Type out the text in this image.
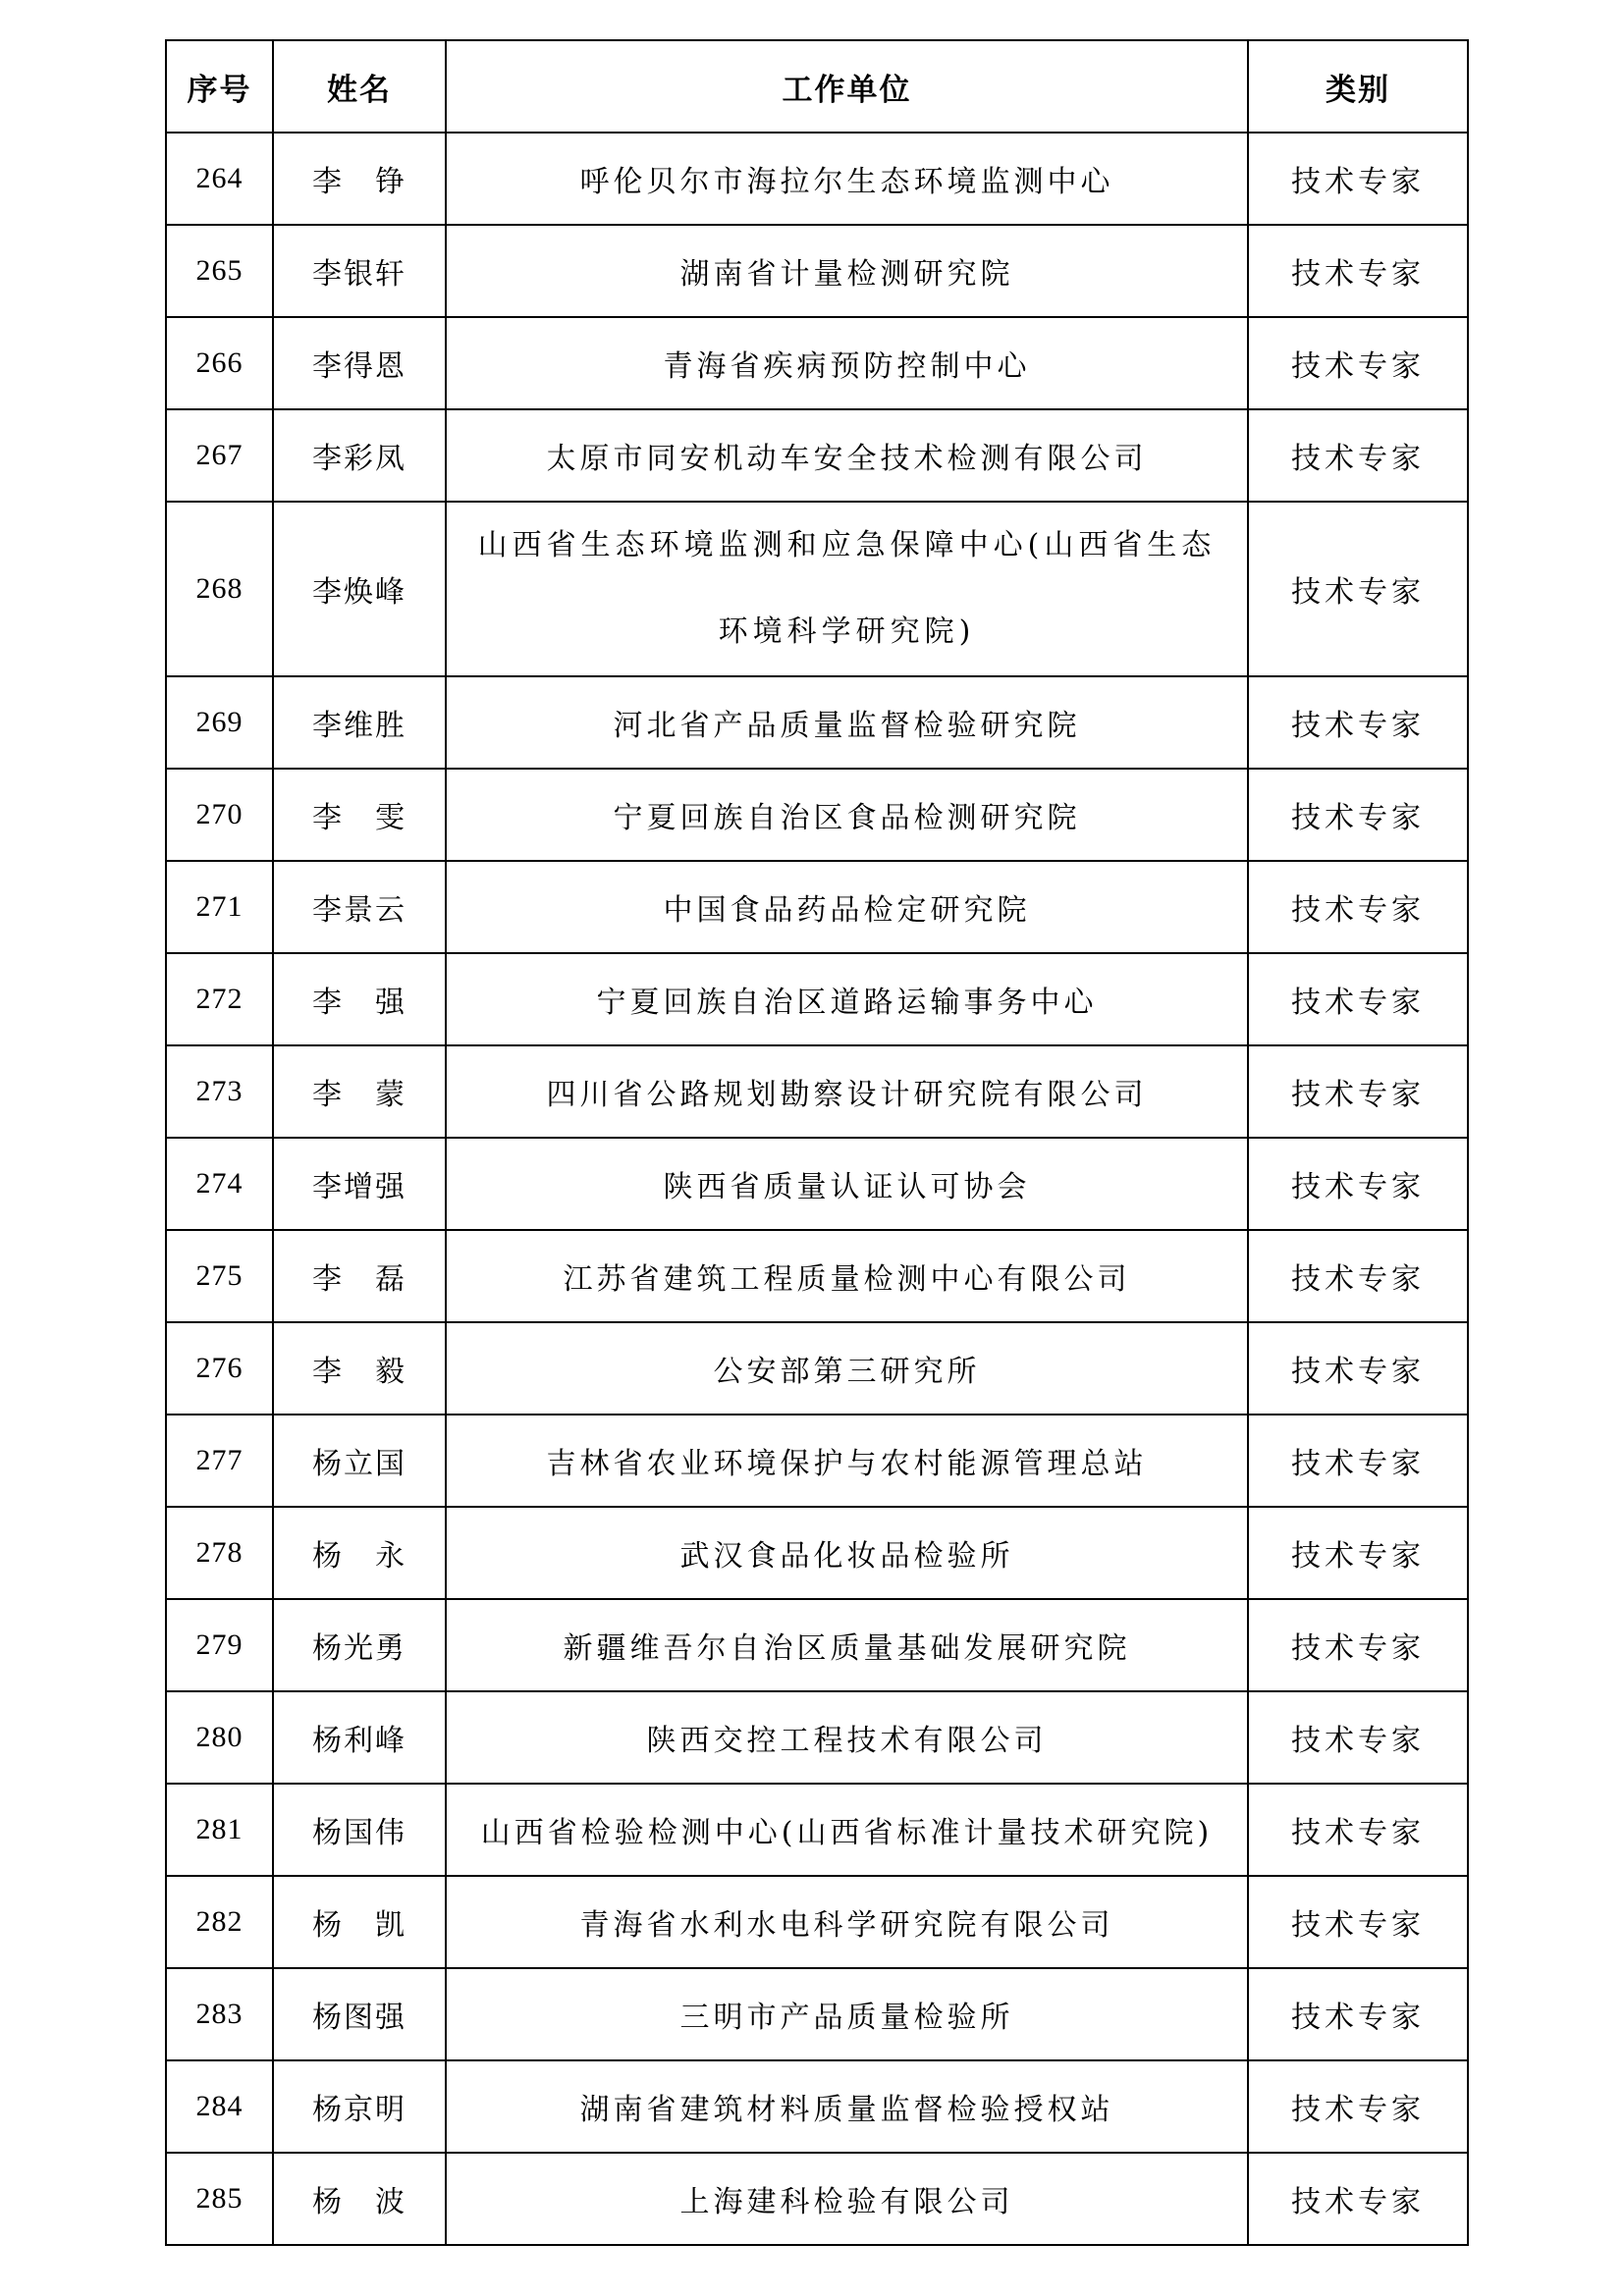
序号	姓名	工作单位	类别
264	李　铮	呼伦贝尔市海拉尔生态环境监测中心	技术专家
265	李银轩	湖南省计量检测研究院	技术专家
266	李得恩	青海省疾病预防控制中心	技术专家
267	李彩凤	太原市同安机动车安全技术检测有限公司	技术专家
268	李焕峰	山西省生态环境监测和应急保障中心(山西省生态环境科学研究院)	技术专家
269	李维胜	河北省产品质量监督检验研究院	技术专家
270	李　雯	宁夏回族自治区食品检测研究院	技术专家
271	李景云	中国食品药品检定研究院	技术专家
272	李　强	宁夏回族自治区道路运输事务中心	技术专家
273	李　蒙	四川省公路规划勘察设计研究院有限公司	技术专家
274	李增强	陕西省质量认证认可协会	技术专家
275	李　磊	江苏省建筑工程质量检测中心有限公司	技术专家
276	李　毅	公安部第三研究所	技术专家
277	杨立国	吉林省农业环境保护与农村能源管理总站	技术专家
278	杨　永	武汉食品化妆品检验所	技术专家
279	杨光勇	新疆维吾尔自治区质量基础发展研究院	技术专家
280	杨利峰	陕西交控工程技术有限公司	技术专家
281	杨国伟	山西省检验检测中心(山西省标准计量技术研究院)	技术专家
282	杨　凯	青海省水利水电科学研究院有限公司	技术专家
283	杨图强	三明市产品质量检验所	技术专家
284	杨京明	湖南省建筑材料质量监督检验授权站	技术专家
285	杨　波	上海建科检验有限公司	技术专家
